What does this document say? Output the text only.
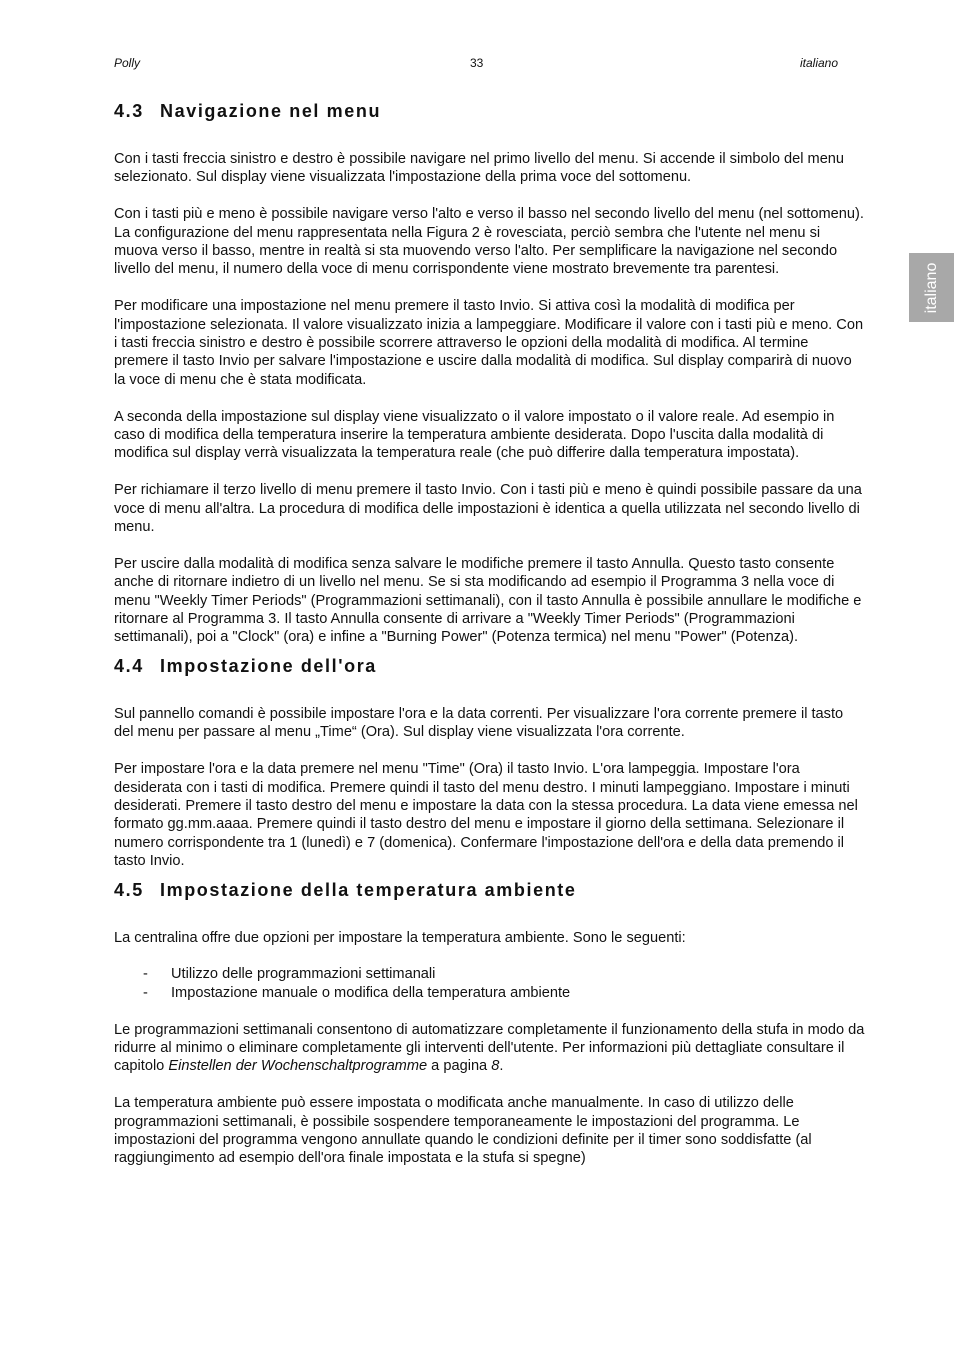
Polly	33	italiano
italiano
4.3 Navigazione nel menu

Con i tasti freccia sinistro e destro è possibile navigare nel primo livello del menu. Si accende il simbolo del menu selezionato. Sul display viene visualizzata l'impostazione della prima voce del sottomenu.

Con i tasti più e meno è possibile navigare verso l'alto e verso il basso nel secondo livello del menu (nel sottomenu). La configurazione del menu rappresentata nella Figura 2 è rovesciata, perciò sembra che l'utente nel menu si muova verso il basso, mentre in realtà si sta muovendo verso l'alto. Per semplificare la navigazione nel secondo livello del menu, il numero della voce di menu corrispondente viene mostrato brevemente tra parentesi.

Per modificare una impostazione nel menu premere il tasto Invio. Si attiva così la modalità di modifica per l'impostazione selezionata. Il valore visualizzato inizia a lampeggiare. Modificare il valore con i tasti più e meno. Con i tasti freccia sinistro e destro è possibile scorrere attraverso le opzioni della modalità di modifica. Al termine premere il tasto Invio per salvare l'impostazione e uscire dalla modalità di modifica. Sul display comparirà di nuovo la voce di menu che è stata modificata.

A seconda della impostazione sul display viene visualizzato o il valore impostato o il valore reale. Ad esempio in caso di modifica della temperatura inserire la temperatura ambiente desiderata. Dopo l'uscita dalla modalità di modifica sul display verrà visualizzata la temperatura reale (che può differire dalla temperatura impostata).

Per richiamare il terzo livello di menu premere il tasto Invio. Con i tasti più e meno è quindi possibile passare da una voce di menu all'altra. La procedura di modifica delle impostazioni è identica a quella utilizzata nel secondo livello di menu.

Per uscire dalla modalità di modifica senza salvare le modifiche premere il tasto Annulla. Questo tasto consente anche di ritornare indietro di un livello nel menu. Se si sta modificando ad esempio il Programma 3 nella voce di menu "Weekly Timer Periods" (Programmazioni settimanali), con il tasto Annulla è possibile annullare le modifiche e ritornare al Programma 3. Il tasto Annulla consente di arrivare a "Weekly Timer Periods" (Programmazioni settimanali), poi a "Clock" (ora) e infine a "Burning Power" (Potenza termica) nel menu "Power" (Potenza).

4.4 Impostazione dell'ora

Sul pannello comandi è possibile impostare l'ora e la data correnti. Per visualizzare l'ora corrente premere il tasto del menu per passare al menu „Time“ (Ora). Sul display viene visualizzata l'ora corrente.

Per impostare l'ora e la data premere nel menu "Time" (Ora) il tasto Invio. L'ora lampeggia. Impostare l'ora desiderata con i tasti di modifica. Premere quindi il tasto del menu destro. I minuti lampeggiano. Impostare i minuti desiderati. Premere il tasto destro del menu e impostare la data con la stessa procedura. La data viene emessa nel formato gg.mm.aaaa. Premere quindi il tasto destro del menu e impostare il giorno della settimana. Selezionare il numero corrispondente tra 1 (lunedì) e 7 (domenica). Confermare l'impostazione dell'ora e della data premendo il tasto Invio.

4.5 Impostazione della temperatura ambiente

La centralina offre due opzioni per impostare la temperatura ambiente. Sono le seguenti:

- Utilizzo delle programmazioni settimanali
- Impostazione manuale o modifica della temperatura ambiente

Le programmazioni settimanali consentono di automatizzare completamente il funzionamento della stufa in modo da ridurre al minimo o eliminare completamente gli interventi dell'utente. Per informazioni più dettagliate consultare il capitolo Einstellen der Wochenschaltprogramme a pagina 8.

La temperatura ambiente può essere impostata o modificata anche manualmente. In caso di utilizzo delle programmazioni settimanali, è possibile sospendere temporaneamente le impostazioni del programma. Le impostazioni del programma vengono annullate quando le condizioni definite per il timer sono soddisfatte (al raggiungimento ad esempio dell'ora finale impostata e la stufa si spegne)
